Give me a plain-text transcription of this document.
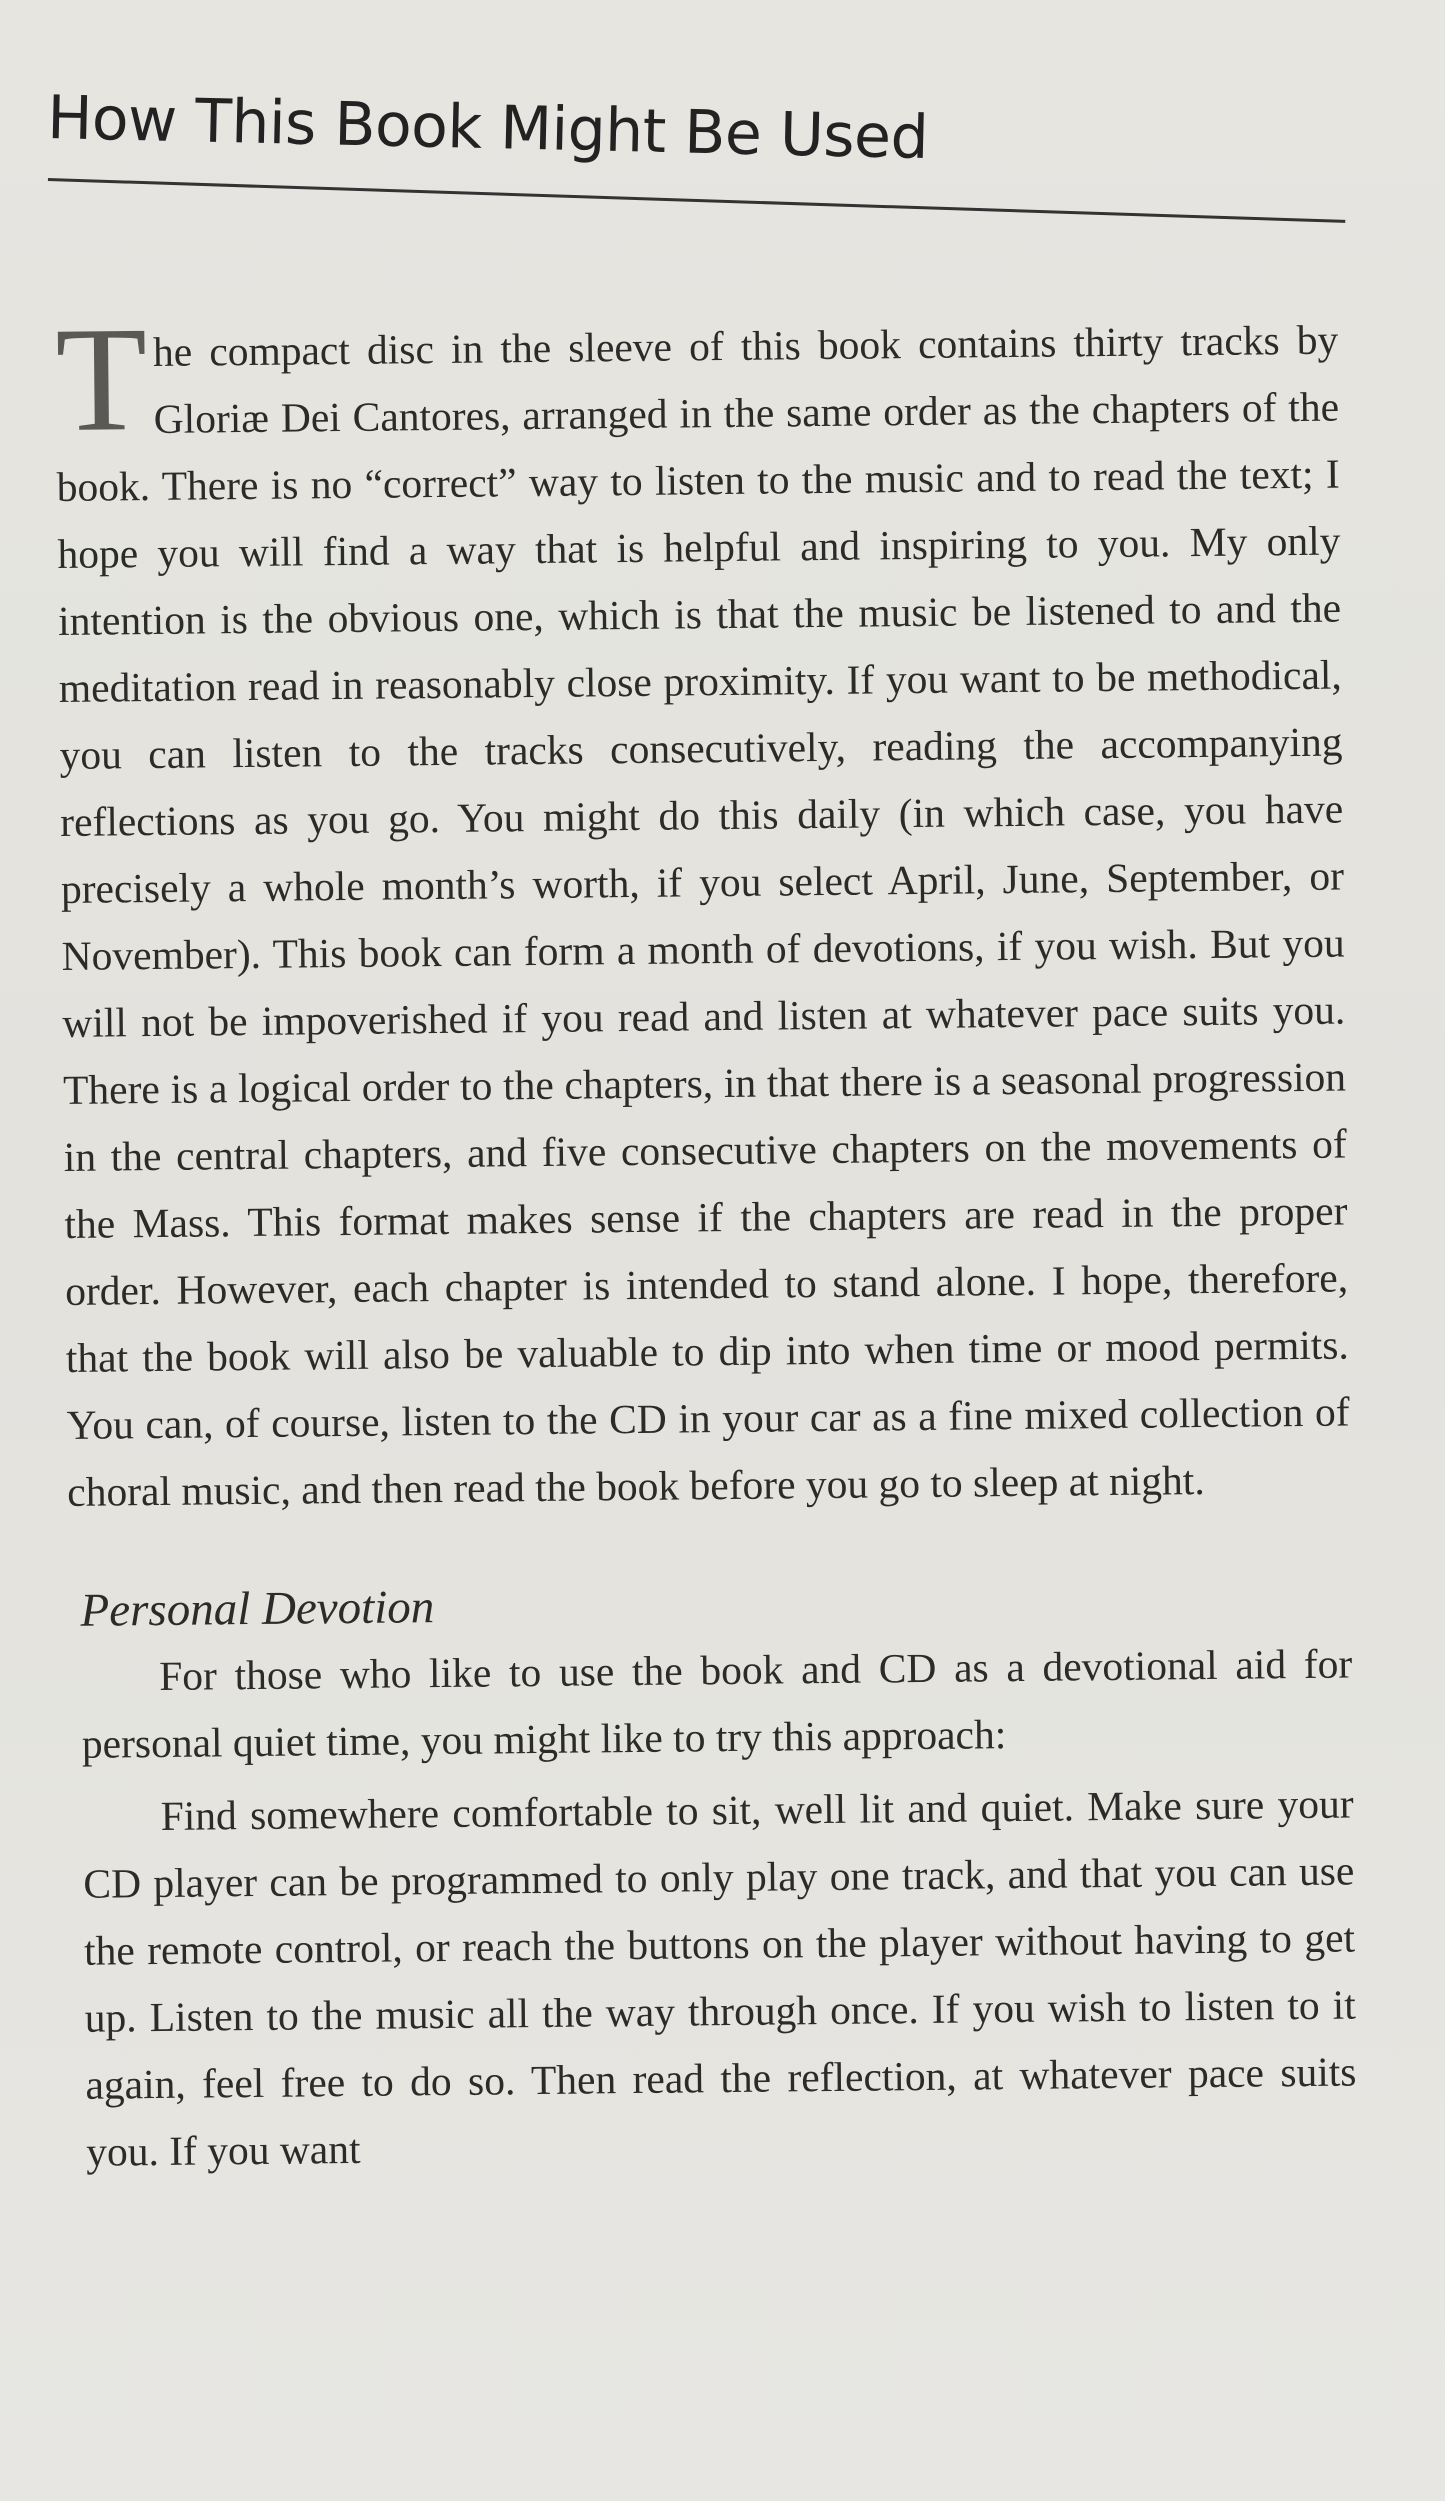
How This Book Might Be Used

The compact disc in the sleeve of this book contains thirty tracks by Gloriæ Dei Cantores, arranged in the same order as the chapters of the book. There is no “correct” way to listen to the music and to read the text; I hope you will find a way that is helpful and inspiring to you. My only intention is the obvious one, which is that the music be listened to and the meditation read in reasonably close proximity. If you want to be methodical, you can listen to the tracks consecutively, reading the accompanying reflections as you go. You might do this daily (in which case, you have precisely a whole month’s worth, if you select April, June, September, or November). This book can form a month of devotions, if you wish. But you will not be impoverished if you read and listen at whatever pace suits you. There is a logical order to the chapters, in that there is a seasonal progression in the central chapters, and five consecutive chapters on the movements of the Mass. This format makes sense if the chapters are read in the proper order. However, each chapter is intended to stand alone. I hope, therefore, that the book will also be valuable to dip into when time or mood permits. You can, of course, listen to the CD in your car as a fine mixed collection of choral music, and then read the book before you go to sleep at night.

Personal Devotion

For those who like to use the book and CD as a devotional aid for personal quiet time, you might like to try this approach:

Find somewhere comfortable to sit, well lit and quiet. Make sure your CD player can be programmed to only play one track, and that you can use the remote control, or reach the buttons on the player without having to get up. Listen to the music all the way through once. If you wish to listen to it again, feel free to do so. Then read the reflection, at whatever pace suits you. If you want
